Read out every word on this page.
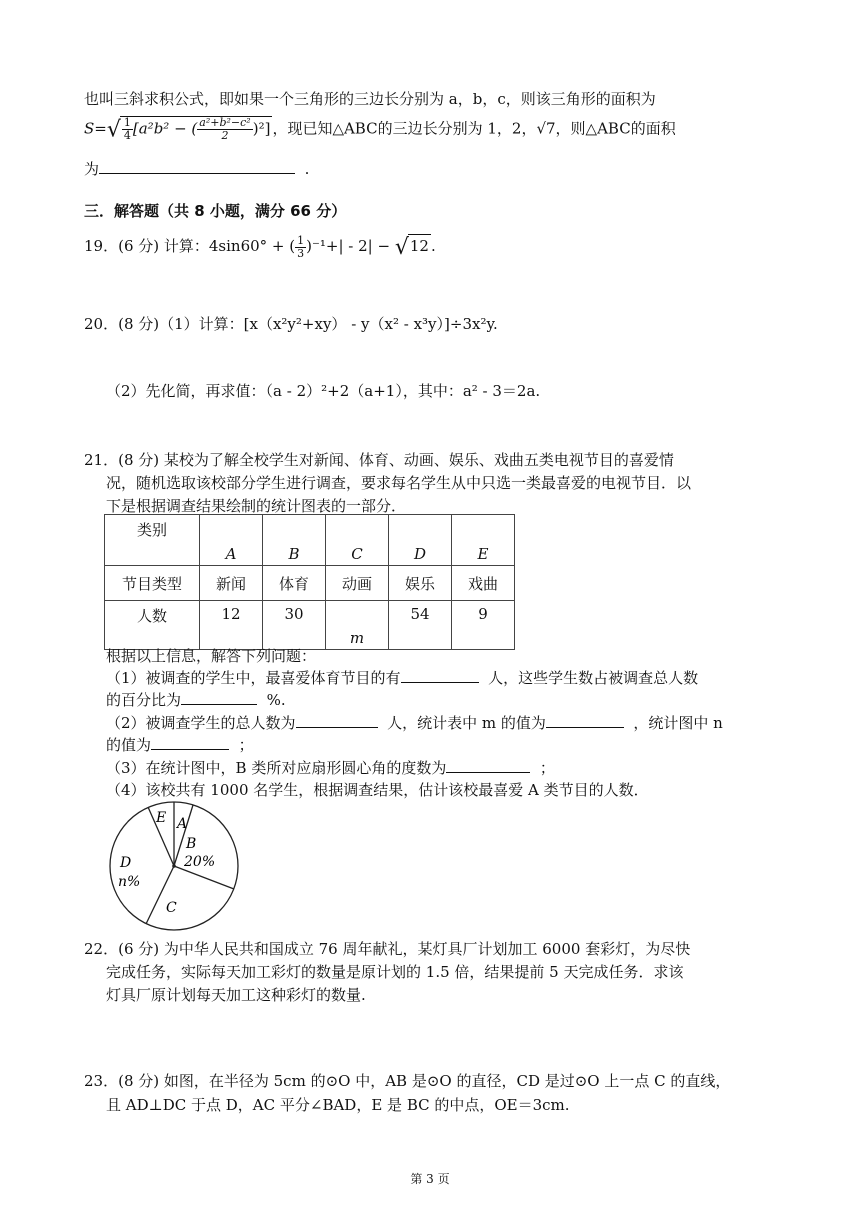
也叫三斜求积公式，即如果一个三角形的三边长分别为 a，b，c，则该三角形的面积为
$S=√ \frac{1}{4} [a^2b^2$ − ( $\frac{\text{a²+b²−c²}}{2} )^2$] ，现已知△ABC的三边长分别为 1，2，√7，则△ABC的面积
为	.
三．解答题（共 8 小题，满分 66 分）
19．(6 分) 计算：4sin60° + ( $\frac{1}{3} )^{-1}+| - 2| - √12$ .
20．(8 分)（1）计算：[x（x²y²+xy） - y（x² - x³y）]÷3x²y.
（2）先化简，再求值：（a - 2）²+2（a+1），其中：a² - 3＝2a.
21．(8 分) 某校为了解全校学生对新闻、体育、动画、娱乐、戏曲五类电视节目的喜爱情
况，随机选取该校部分学生进行调查，要求每名学生从中只选一类最喜爱的电视节目．以
下是根据调查结果绘制的统计图表的一部分．
类别	A	B	C	D	E
节目类型	新闻	体育	动画	娱乐	戏曲
人数	12	30	m	54	9
根据以上信息，解答下列问题：
（1）被调查的学生中，最喜爱体育节目的有	人，这些学生数占被调查总人数
的百分比为	%.
（2）被调查学生的总人数为	人，统计表中 m 的值为	，统计图中 n
的值为	；
（3）在统计图中，B 类所对应扇形圆心角的度数为	；
（4）该校共有 1000 名学生，根据调查结果，估计该校最喜爱 A 类节目的人数．
E A
B
20%
D
n%
C
22．(6 分) 为中华人民共和国成立 76 周年献礼，某灯具厂计划加工 6000 套彩灯，为尽快
完成任务，实际每天加工彩灯的数量是原计划的 1.5 倍，结果提前 5 天完成任务．求该
灯具厂原计划每天加工这种彩灯的数量.
23．(8 分) 如图，在半径为 5cm 的⊙O 中，AB 是⊙O 的直径，CD 是过⊙O 上一点 C 的直线，
且 AD⊥DC 于点 D，AC 平分∠BAD，E 是 BC 的中点，OE＝3cm.
第 3 页
